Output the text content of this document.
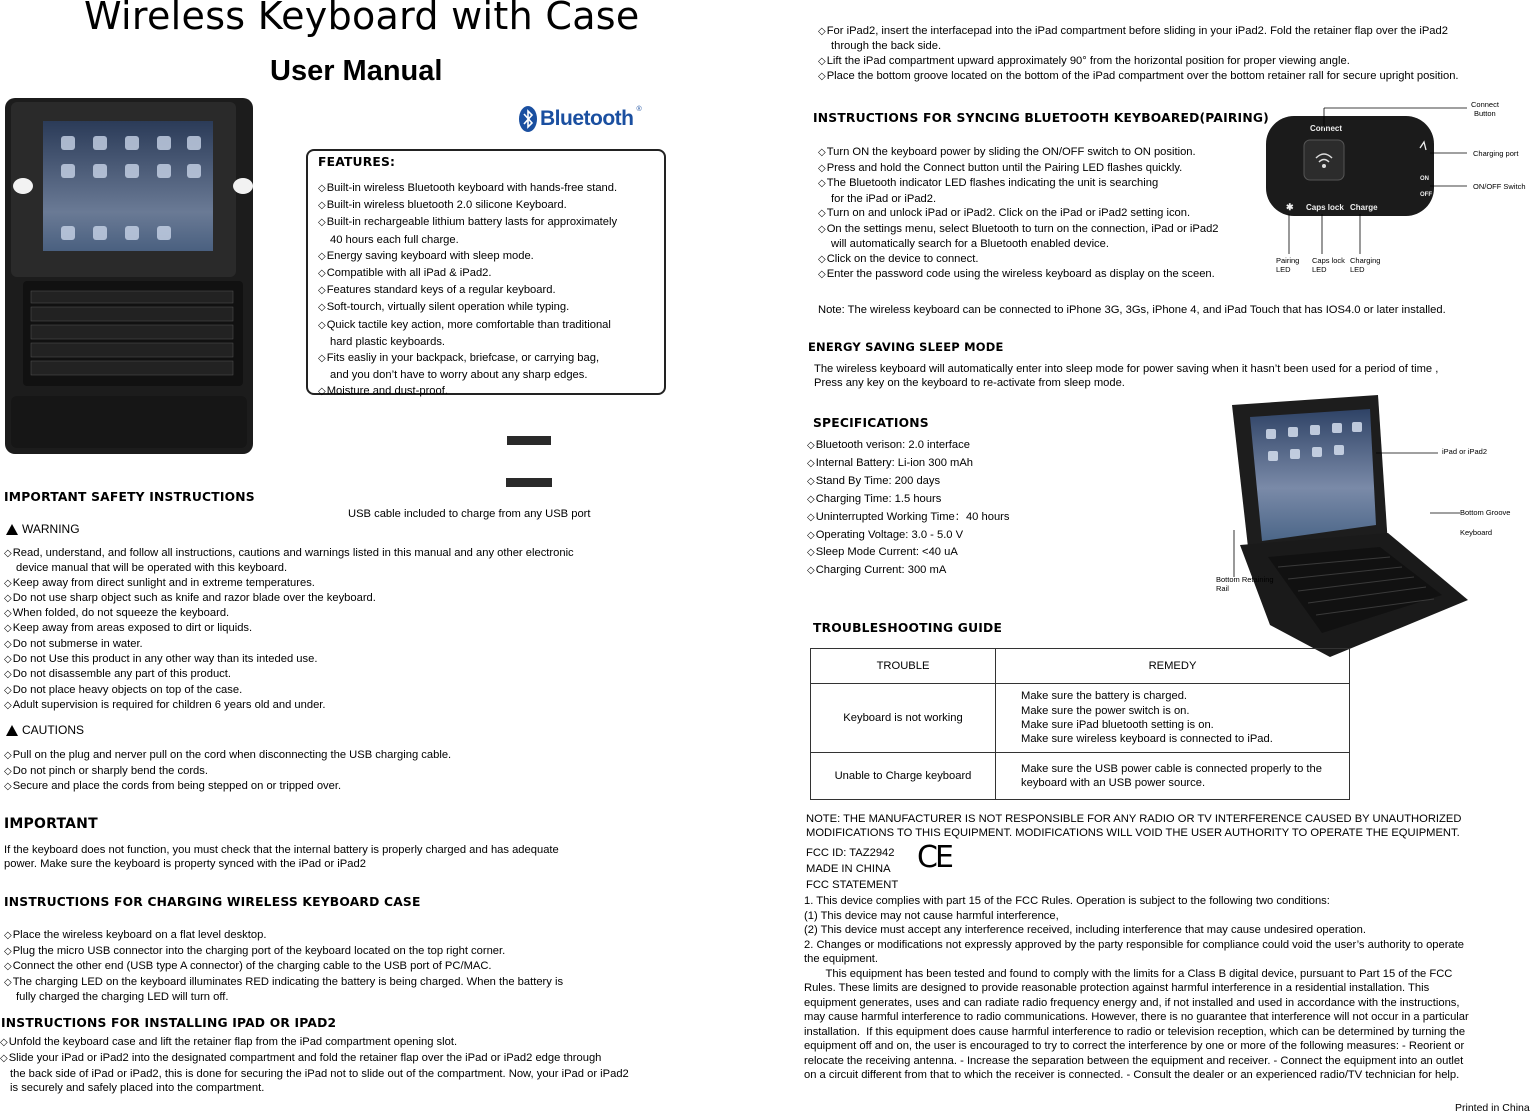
Wireless Keyboard with Case
User Manual
Bluetooth ®
FEATURES:
◇ Built-in wireless Bluetooth keyboard with hands-free stand.
◇ Built-in wireless bluetooth 2.0 silicone Keyboard.
◇ Built-in rechargeable lithium battery lasts for approximately
40 hours each full charge.
◇ Energy saving keyboard with sleep mode.
◇ Compatible with all iPad & iPad2.
◇ Features standard keys of a regular keyboard.
◇ Soft-tourch, virtually silent operation while typing.
◇ Quick tactile key action, more comfortable than traditional
hard plastic keyboards.
◇ Fits easliy in your backpack, briefcase, or carrying bag,
and you don’t have to worry about any sharp edges.
◇ Moisture and dust-proof.
USB cable included to charge from any USB port
IMPORTANT SAFETY INSTRUCTIONS
WARNING
◇ Read, understand, and follow all instructions, cautions and warnings listed in this manual and any other electronic
device manual that will be operated with this keyboard.
◇ Keep away from direct sunlight and in extreme temperatures.
◇ Do not use sharp object such as knife and razor blade over the keyboard.
◇ When folded, do not squeeze the keyboard.
◇ Keep away from areas exposed to dirt or liquids.
◇ Do not submerse in water.
◇ Do not Use this product in any other way than its inteded use.
◇ Do not disassemble any part of this product.
◇ Do not place heavy objects on top of the case.
◇ Adult supervision is required for children 6 years old and under.
CAUTIONS
◇ Pull on the plug and nerver pull on the cord when disconnecting the USB charging cable.
◇ Do not pinch or sharply bend the cords.
◇ Secure and place the cords from being stepped on or tripped over.
IMPORTANT
If the keyboard does not function, you must check that the internal battery is properly charged and has adequate
power. Make sure the keyboard is property synced with the iPad or iPad2
INSTRUCTIONS FOR CHARGING WIRELESS KEYBOARD CASE
◇ Place the wireless keyboard on a flat level desktop.
◇ Plug the micro USB connector into the charging port of the keyboard located on the top right corner.
◇ Connect the other end (USB type A connector) of the charging cable to the USB port of PC/MAC.
◇ The charging LED on the keyboard illuminates RED indicating the battery is being charged. When the battery is
fully charged the charging LED will turn off.
INSTRUCTIONS FOR INSTALLING IPAD OR IPAD2
◇ Unfold the keyboard case and lift the retainer flap from the iPad compartment opening slot.
◇ Slide your iPad or iPad2 into the designated compartment and fold the retainer flap over the iPad or iPad2 edge through
the back side of iPad or iPad2, this is done for securing the iPad not to slide out of the compartment. Now, your iPad or iPad2
is securely and safely placed into the compartment.
◇ For iPad2, insert the interfacepad into the iPad compartment before sliding in your iPad2. Fold the retainer flap over the iPad2
through the back side.
◇ Lift the iPad compartment upward approximately 90° from the horizontal position for proper viewing angle.
◇ Place the bottom groove located on the bottom of the iPad compartment over the bottom retainer rall for secure upright position.
INSTRUCTIONS FOR SYNCING BLUETOOTH KEYBOARED(PAIRING)
◇ Turn ON the keyboard power by sliding the ON/OFF switch to ON position.
◇ Press and hold the Connect button until the Pairing LED flashes quickly.
◇ The Bluetooth indicator LED flashes indicating the unit is searching
for the iPad or iPad2.
◇ Turn on and unlock iPad or iPad2. Click on the iPad or iPad2 setting icon.
◇ On the settings menu, select Bluetooth to turn on the connection, iPad or iPad2
will automatically search for a Bluetooth enabled device.
◇ Click on the device to connect.
◇ Enter the password code using the wireless keyboard as display on the sceen.
Connect
✱ Caps lock Charge
ON
OFF
Connect
Button
Charging port
ON/OFF Switch
Pairing
LED
Caps lock
LED
Charging
LED
Note: The wireless keyboard can be connected to iPhone 3G, 3Gs, iPhone 4, and iPad Touch that has IOS4.0 or later installed.
ENERGY SAVING SLEEP MODE
The wireless keyboard will automatically enter into sleep mode for power saving when it hasn’t been used for a period of time ,
Press any key on the keyboard to re-activate from sleep mode.
SPECIFICATIONS
◇ Bluetooth verison: 2.0 interface
◇ Internal Battery: Li-ion 300 mAh
◇ Stand By Time: 200 days
◇ Charging Time: 1.5 hours
◇ Uninterrupted Working Time：40 hours
◇ Operating Voltage: 3.0 - 5.0 V
◇ Sleep Mode Current: <40 uA
◇ Charging Current: 300 mA
iPad or iPad2
Bottom Groove
Keyboard
Bottom Retaining
Rail
TROUBLESHOOTING GUIDE
TROUBLE	REMEDY
Keyboard is not working	Make sure the battery is charged.
Make sure the power switch is on.
Make sure iPad bluetooth setting is on.
Make sure wireless keyboard is connected to iPad.

Unable to Charge keyboard	Make sure the USB power cable is connected properly to the
keyboard with an USB power source.
NOTE: THE MANUFACTURER IS NOT RESPONSIBLE FOR ANY RADIO OR TV INTERFERENCE CAUSED BY UNAUTHORIZED
MODIFICATIONS TO THIS EQUIPMENT. MODIFICATIONS WILL VOID THE USER AUTHORITY TO OPERATE THE EQUIPMENT.
FCC ID: TAZ2942
MADE IN CHINA
FCC STATEMENT
CE
1. This device complies with part 15 of the FCC Rules. Operation is subject to the following two conditions:
(1) This device may not cause harmful interference,
(2) This device must accept any interference received, including interference that may cause undesired operation.
2. Changes or modifications not expressly approved by the party responsible for compliance could void the user’s authority to operate
the equipment.
This equipment has been tested and found to comply with the limits for a Class B digital device, pursuant to Part 15 of the FCC
Rules. These limits are designed to provide reasonable protection against harmful interference in a residential installation. This
equipment generates, uses and can radiate radio frequency energy and, if not installed and used in accordance with the instructions,
may cause harmful interference to radio communications. However, there is no guarantee that interference will not occur in a particular
installation.  If this equipment does cause harmful interference to radio or television reception, which can be determined by turning the
equipment off and on, the user is encouraged to try to correct the interference by one or more of the following measures: - Reorient or
relocate the receiving antenna. - Increase the separation between the equipment and receiver. - Connect the equipment into an outlet
on a circuit different from that to which the receiver is connected. - Consult the dealer or an experienced radio/TV technician for help.
Printed in China
